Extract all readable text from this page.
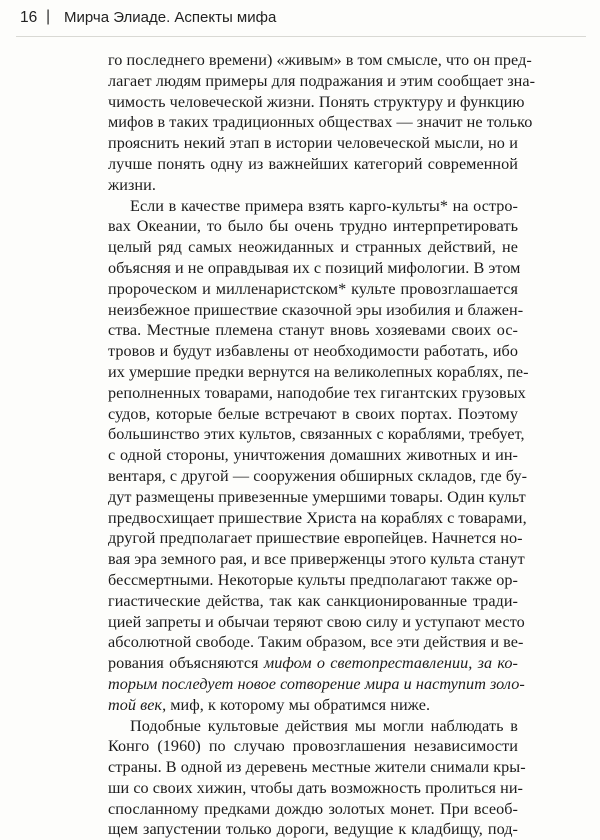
16 | Мирча Элиаде. Аспекты мифа
го последнего времени) «живым» в том смысле, что он пред-
лагает людям примеры для подражания и этим сообщает зна-
чимость человеческой жизни. Понять структуру и функцию
мифов в таких традиционных обществах — значит не только
прояснить некий этап в истории человеческой мысли, но и
лучше понять одну из важнейших категорий современной
жизни.
Если в качестве примера взять карго-культы* на остро-
вах Океании, то было бы очень трудно интерпретировать
целый ряд самых неожиданных и странных действий, не
объясняя и не оправдывая их с позиций мифологии. В этом
пророческом и милленаристском* культе провозглашается
неизбежное пришествие сказочной эры изобилия и блажен-
ства. Местные племена станут вновь хозяевами своих ос-
тровов и будут избавлены от необходимости работать, ибо
их умершие предки вернутся на великолепных кораблях, пе-
реполненных товарами, наподобие тех гигантских грузовых
судов, которые белые встречают в своих портах. Поэтому
большинство этих культов, связанных с кораблями, требует,
с одной стороны, уничтожения домашних животных и ин-
вентаря, с другой — сооружения обширных складов, где бу-
дут размещены привезенные умершими товары. Один культ
предвосхищает пришествие Христа на кораблях с товарами,
другой предполагает пришествие европейцев. Начнется но-
вая эра земного рая, и все приверженцы этого культа станут
бессмертными. Некоторые культы предполагают также ор-
гиастические действа, так как санкционированные тради-
цией запреты и обычаи теряют свою силу и уступают место
абсолютной свободе. Таким образом, все эти действия и ве-
рования объясняются мифом о светопреставлении, за ко-
торым последует новое сотворение мира и наступит золо-
той век, миф, к которому мы обратимся ниже.
Подобные культовые действия мы могли наблюдать в
Конго (1960) по случаю провозглашения независимости
страны. В одной из деревень местные жители снимали кры-
ши со своих хижин, чтобы дать возможность пролиться ни-
спосланному предками дождю золотых монет. При всеоб-
щем запустении только дороги, ведущие к кладбищу, под-
